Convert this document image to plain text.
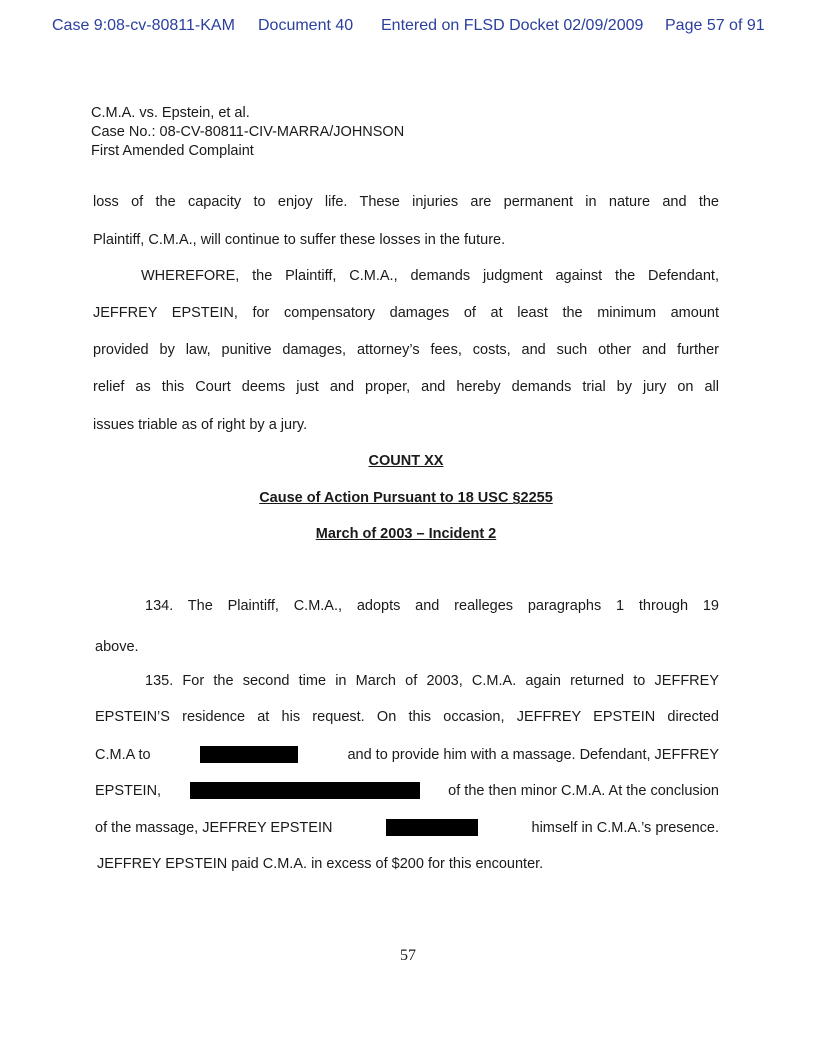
Case 9:08-cv-80811-KAM Document 40 Entered on FLSD Docket 02/09/2009 Page 57 of 91
C.M.A. vs. Epstein, et al.
Case No.: 08-CV-80811-CIV-MARRA/JOHNSON
First Amended Complaint
loss of the capacity to enjoy life. These injuries are permanent in nature and the
Plaintiff, C.M.A., will continue to suffer these losses in the future.
WHEREFORE, the Plaintiff, C.M.A., demands judgment against the Defendant,
JEFFREY EPSTEIN, for compensatory damages of at least the minimum amount
provided by law, punitive damages, attorney’s fees, costs, and such other and further
relief as this Court deems just and proper, and hereby demands trial by jury on all
issues triable as of right by a jury.
COUNT XX
Cause of Action Pursuant to 18 USC §2255
March of 2003 – Incident 2
134. The Plaintiff, C.M.A., adopts and realleges paragraphs 1 through 19
above.
135. For the second time in March of 2003, C.M.A. again returned to JEFFREY
EPSTEIN’S residence at his request. On this occasion, JEFFREY EPSTEIN directed
C.M.A to	and to provide him with a massage. Defendant, JEFFREY
EPSTEIN,	of the then minor C.M.A. At the conclusion
of the massage, JEFFREY EPSTEIN	himself in C.M.A.’s presence.
JEFFREY EPSTEIN paid C.M.A. in excess of $200 for this encounter.
57
